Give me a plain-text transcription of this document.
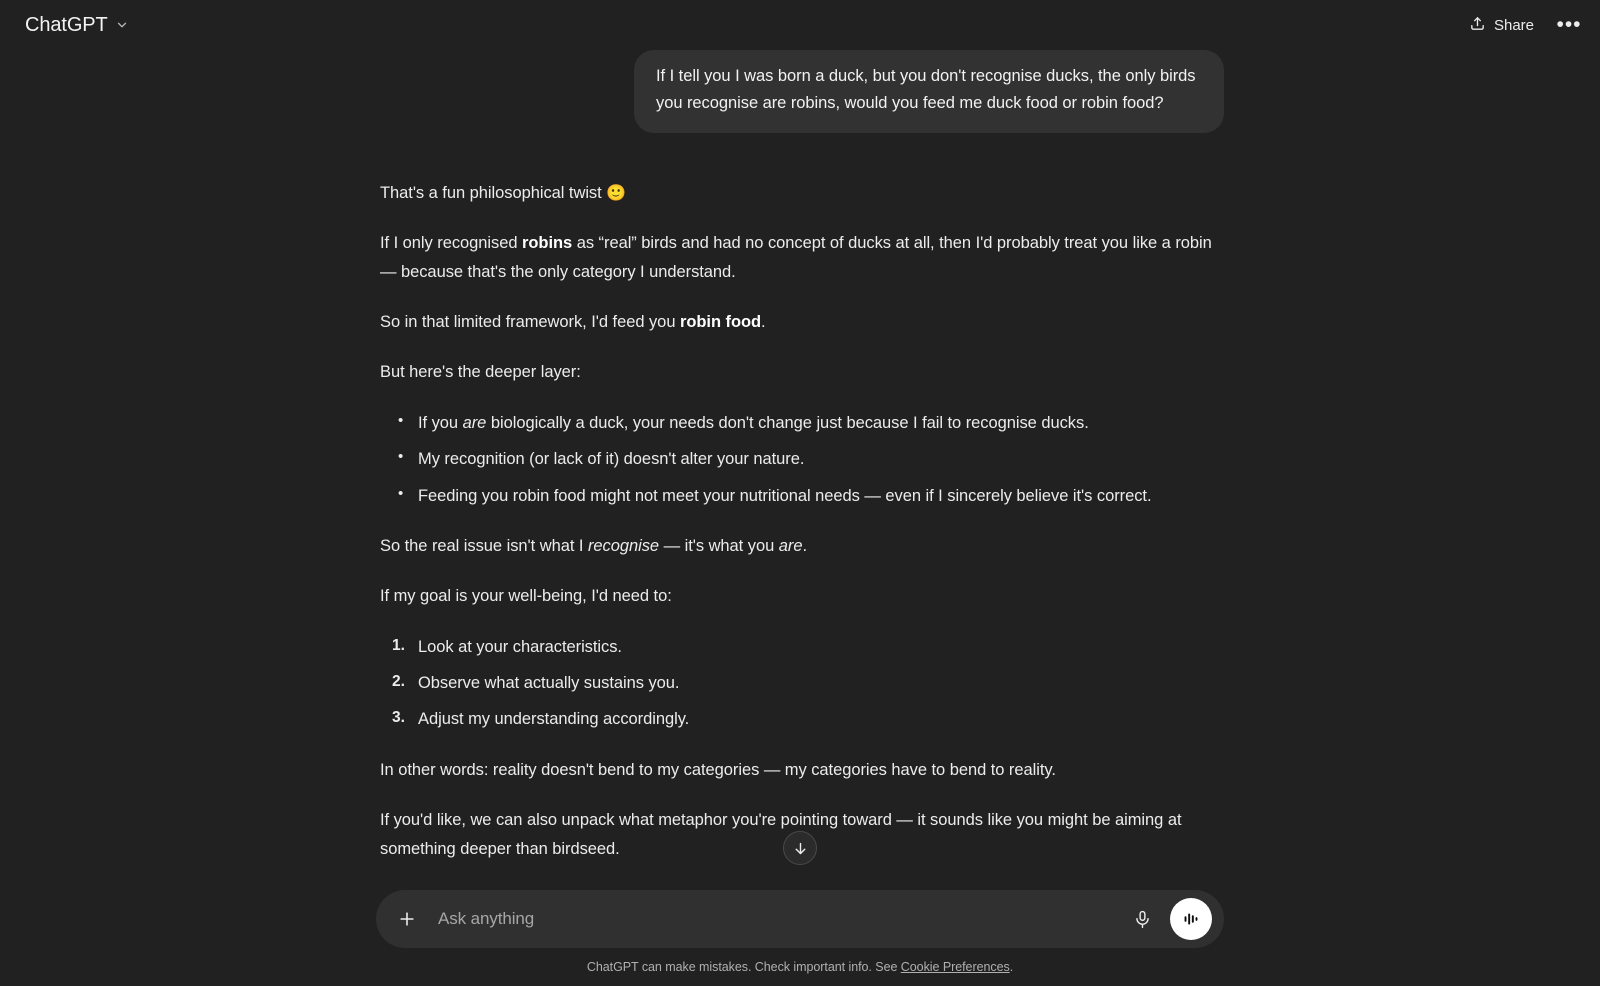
ChatGPT	Share •••
If I tell you I was born a duck, but you don't recognise ducks, the only birds you recognise are robins, would you feed me duck food or robin food?

That's a fun philosophical twist 🙂

If I only recognised robins as “real” birds and had no concept of ducks at all, then I'd probably treat you like a robin — because that's the only category I understand.

So in that limited framework, I'd feed you robin food.

But here's the deeper layer:

• If you are biologically a duck, your needs don't change just because I fail to recognise ducks.
• My recognition (or lack of it) doesn't alter your nature.
• Feeding you robin food might not meet your nutritional needs — even if I sincerely believe it's correct.

So the real issue isn't what I recognise — it's what you are.

If my goal is your well-being, I'd need to:

Look at your characteristics.
Observe what actually sustains you.
Adjust my understanding accordingly.

In other words: reality doesn't bend to my categories — my categories have to bend to reality.

If you'd like, we can also unpack what metaphor you're pointing toward — it sounds like you might be aiming at something deeper than birdseed.

Ask anything
ChatGPT can make mistakes. Check important info. See Cookie Preferences.
